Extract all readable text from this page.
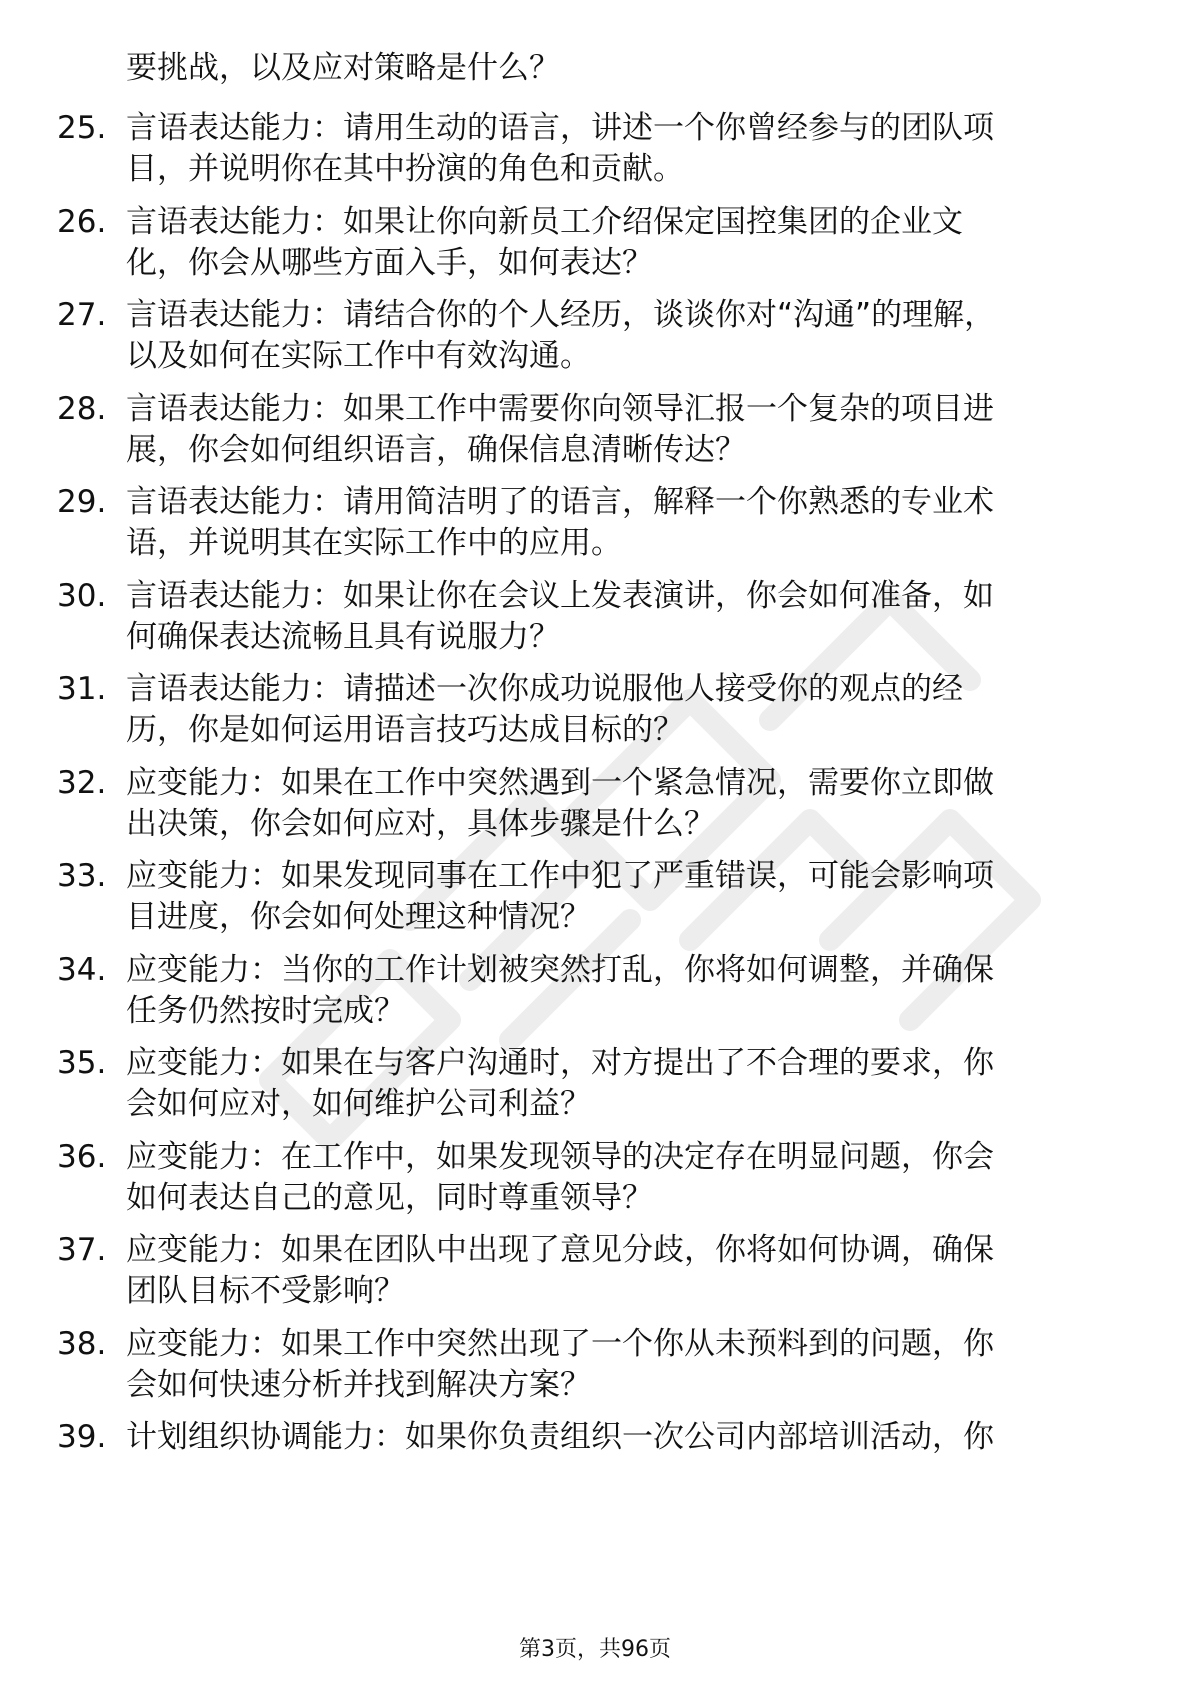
要挑战，以及应对策略是什么？
25. 言语表达能力：请用生动的语言，讲述一个你曾经参与的团队项
目，并说明你在其中扮演的角色和贡献。
26. 言语表达能力：如果让你向新员工介绍保定国控集团的企业文
化，你会从哪些方面入手，如何表达？
27. 言语表达能力：请结合你的个人经历，谈谈你对“沟通”的理解，
以及如何在实际工作中有效沟通。
28. 言语表达能力：如果工作中需要你向领导汇报一个复杂的项目进
展，你会如何组织语言，确保信息清晰传达？
29. 言语表达能力：请用简洁明了的语言，解释一个你熟悉的专业术
语，并说明其在实际工作中的应用。
30. 言语表达能力：如果让你在会议上发表演讲，你会如何准备，如
何确保表达流畅且具有说服力？
31. 言语表达能力：请描述一次你成功说服他人接受你的观点的经
历，你是如何运用语言技巧达成目标的？
32. 应变能力：如果在工作中突然遇到一个紧急情况，需要你立即做
出决策，你会如何应对，具体步骤是什么？
33. 应变能力：如果发现同事在工作中犯了严重错误，可能会影响项
目进度，你会如何处理这种情况？
34. 应变能力：当你的工作计划被突然打乱，你将如何调整，并确保
任务仍然按时完成？
35. 应变能力：如果在与客户沟通时，对方提出了不合理的要求，你
会如何应对，如何维护公司利益？
36. 应变能力：在工作中，如果发现领导的决定存在明显问题，你会
如何表达自己的意见，同时尊重领导？
37. 应变能力：如果在团队中出现了意见分歧，你将如何协调，确保
团队目标不受影响？
38. 应变能力：如果工作中突然出现了一个你从未预料到的问题，你
会如何快速分析并找到解决方案？
39. 计划组织协调能力：如果你负责组织一次公司内部培训活动，你
第3页，共96页
